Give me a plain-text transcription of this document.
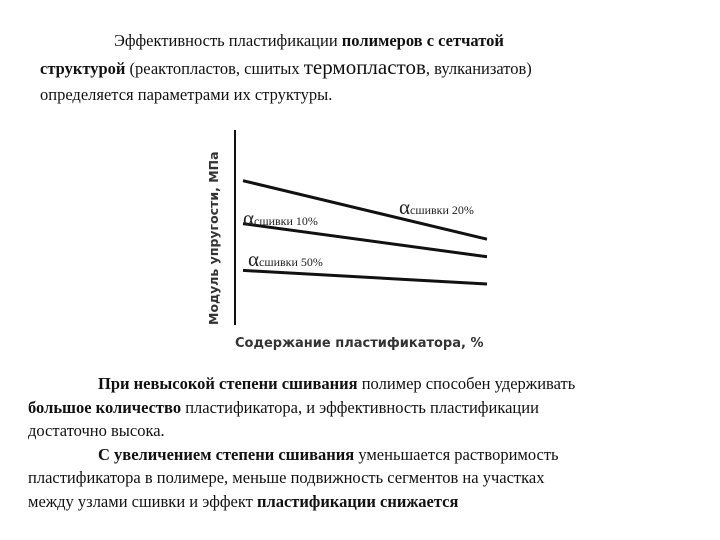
Эффективность пластификации полимеров с сетчатой
структурой (реактопластов, сшитых термопластов, вулканизатов)
определяется параметрами их структуры.
Модуль упругости, МПа
Содержание пластификатора, %
αсшивки 20%
αсшивки 10%
αсшивки 50%
При невысокой степени сшивания полимер способен удерживать
большое количество пластификатора, и эффективность пластификации
достаточно высока.
С увеличением степени сшивания уменьшается растворимость
пластификатора в полимере, меньше подвижность сегментов на участках
между узлами сшивки и эффект пластификации снижается
